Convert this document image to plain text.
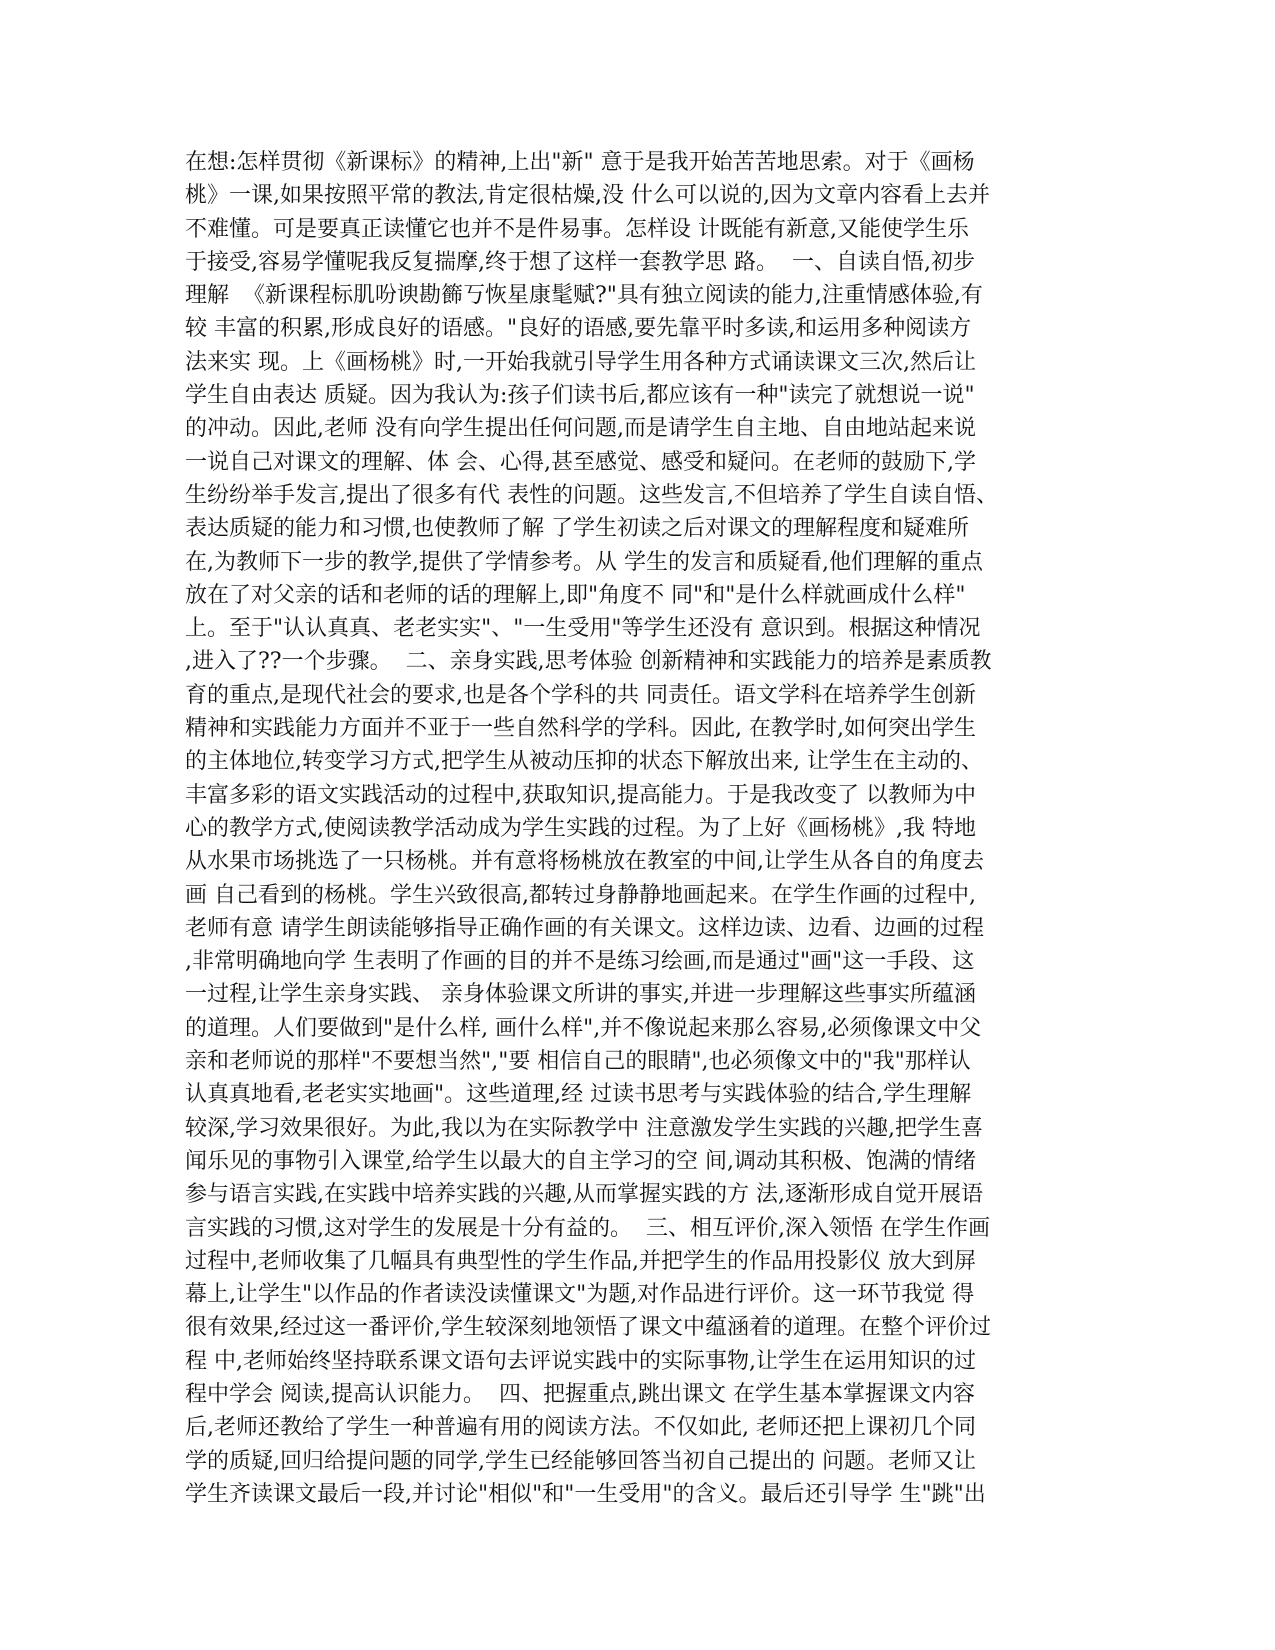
在想:怎样贯彻《新课标》的精神,上出"新" 意于是我开始苦苦地思索。对于《画杨
桃》一课,如果按照平常的教法,肯定很枯燥,没 什么可以说的,因为文章内容看上去并
不难懂。可是要真正读懂它也并不是件易事。怎样设 计既能有新意,又能使学生乐
于接受,容易学懂呢我反复揣摩,终于想了这样一套教学思 路。  一、自读自悟,初步
理解  《新课程标肌吩谀勘籂丂恢星康髦赋?"具有独立阅读的能力,注重情感体验,有
较 丰富的积累,形成良好的语感。"良好的语感,要先靠平时多读,和运用多种阅读方
法来实 现。上《画杨桃》时,一开始我就引导学生用各种方式诵读课文三次,然后让
学生自由表达 质疑。因为我认为:孩子们读书后,都应该有一种"读完了就想说一说"
的冲动。因此,老师 没有向学生提出任何问题,而是请学生自主地、自由地站起来说
一说自己对课文的理解、体 会、心得,甚至感觉、感受和疑问。在老师的鼓励下,学
生纷纷举手发言,提出了很多有代 表性的问题。这些发言,不但培养了学生自读自悟、
表达质疑的能力和习惯,也使教师了解 了学生初读之后对课文的理解程度和疑难所
在,为教师下一步的教学,提供了学情参考。从 学生的发言和质疑看,他们理解的重点
放在了对父亲的话和老师的话的理解上,即"角度不 同"和"是什么样就画成什么样"
上。至于"认认真真、老老实实"、"一生受用"等学生还没有 意识到。根据这种情况
,进入了??一个步骤。  二、亲身实践,思考体验 创新精神和实践能力的培养是素质教
育的重点,是现代社会的要求,也是各个学科的共 同责任。语文学科在培养学生创新
精神和实践能力方面并不亚于一些自然科学的学科。因此, 在教学时,如何突出学生
的主体地位,转变学习方式,把学生从被动压抑的状态下解放出来, 让学生在主动的、
丰富多彩的语文实践活动的过程中,获取知识,提高能力。于是我改变了 以教师为中
心的教学方式,使阅读教学活动成为学生实践的过程。为了上好《画杨桃》,我 特地
从水果市场挑选了一只杨桃。并有意将杨桃放在教室的中间,让学生从各自的角度去
画 自己看到的杨桃。学生兴致很高,都转过身静静地画起来。在学生作画的过程中,
老师有意 请学生朗读能够指导正确作画的有关课文。这样边读、边看、边画的过程
,非常明确地向学 生表明了作画的目的并不是练习绘画,而是通过"画"这一手段、这
一过程,让学生亲身实践、 亲身体验课文所讲的事实,并进一步理解这些事实所蕴涵
的道理。人们要做到"是什么样, 画什么样",并不像说起来那么容易,必须像课文中父
亲和老师说的那样"不要想当然","要 相信自己的眼睛",也必须像文中的"我"那样认
认真真地看,老老实实地画"。这些道理,经 过读书思考与实践体验的结合,学生理解
较深,学习效果很好。为此,我以为在实际教学中 注意激发学生实践的兴趣,把学生喜
闻乐见的事物引入课堂,给学生以最大的自主学习的空 间,调动其积极、饱满的情绪
参与语言实践,在实践中培养实践的兴趣,从而掌握实践的方 法,逐渐形成自觉开展语
言实践的习惯,这对学生的发展是十分有益的。  三、相互评价,深入领悟 在学生作画
过程中,老师收集了几幅具有典型性的学生作品,并把学生的作品用投影仪 放大到屏
幕上,让学生"以作品的作者读没读懂课文"为题,对作品进行评价。这一环节我觉 得
很有效果,经过这一番评价,学生较深刻地领悟了课文中蕴涵着的道理。在整个评价过
程 中,老师始终坚持联系课文语句去评说实践中的实际事物,让学生在运用知识的过
程中学会 阅读,提高认识能力。  四、把握重点,跳出课文 在学生基本掌握课文内容
后,老师还教给了学生一种普遍有用的阅读方法。不仅如此, 老师还把上课初几个同
学的质疑,回归给提问题的同学,学生已经能够回答当初自己提出的 问题。老师又让
学生齐读课文最后一段,并讨论"相似"和"一生受用"的含义。最后还引导学 生"跳"出
